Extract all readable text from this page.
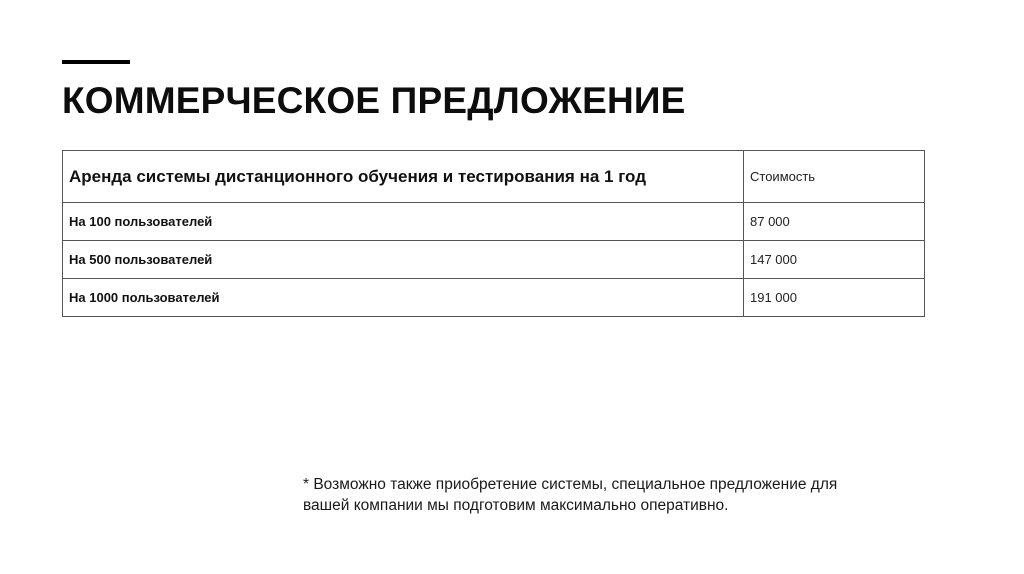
КОММЕРЧЕСКОЕ ПРЕДЛОЖЕНИЕ
Аренда системы дистанционного обучения и тестирования на 1 год	Стоимость
На 100 пользователей	87 000
На 500 пользователей	147 000
На 1000 пользователей	191 000

* Возможно также приобретение системы, специальное предложение для
вашей компании мы подготовим максимально оперативно.
